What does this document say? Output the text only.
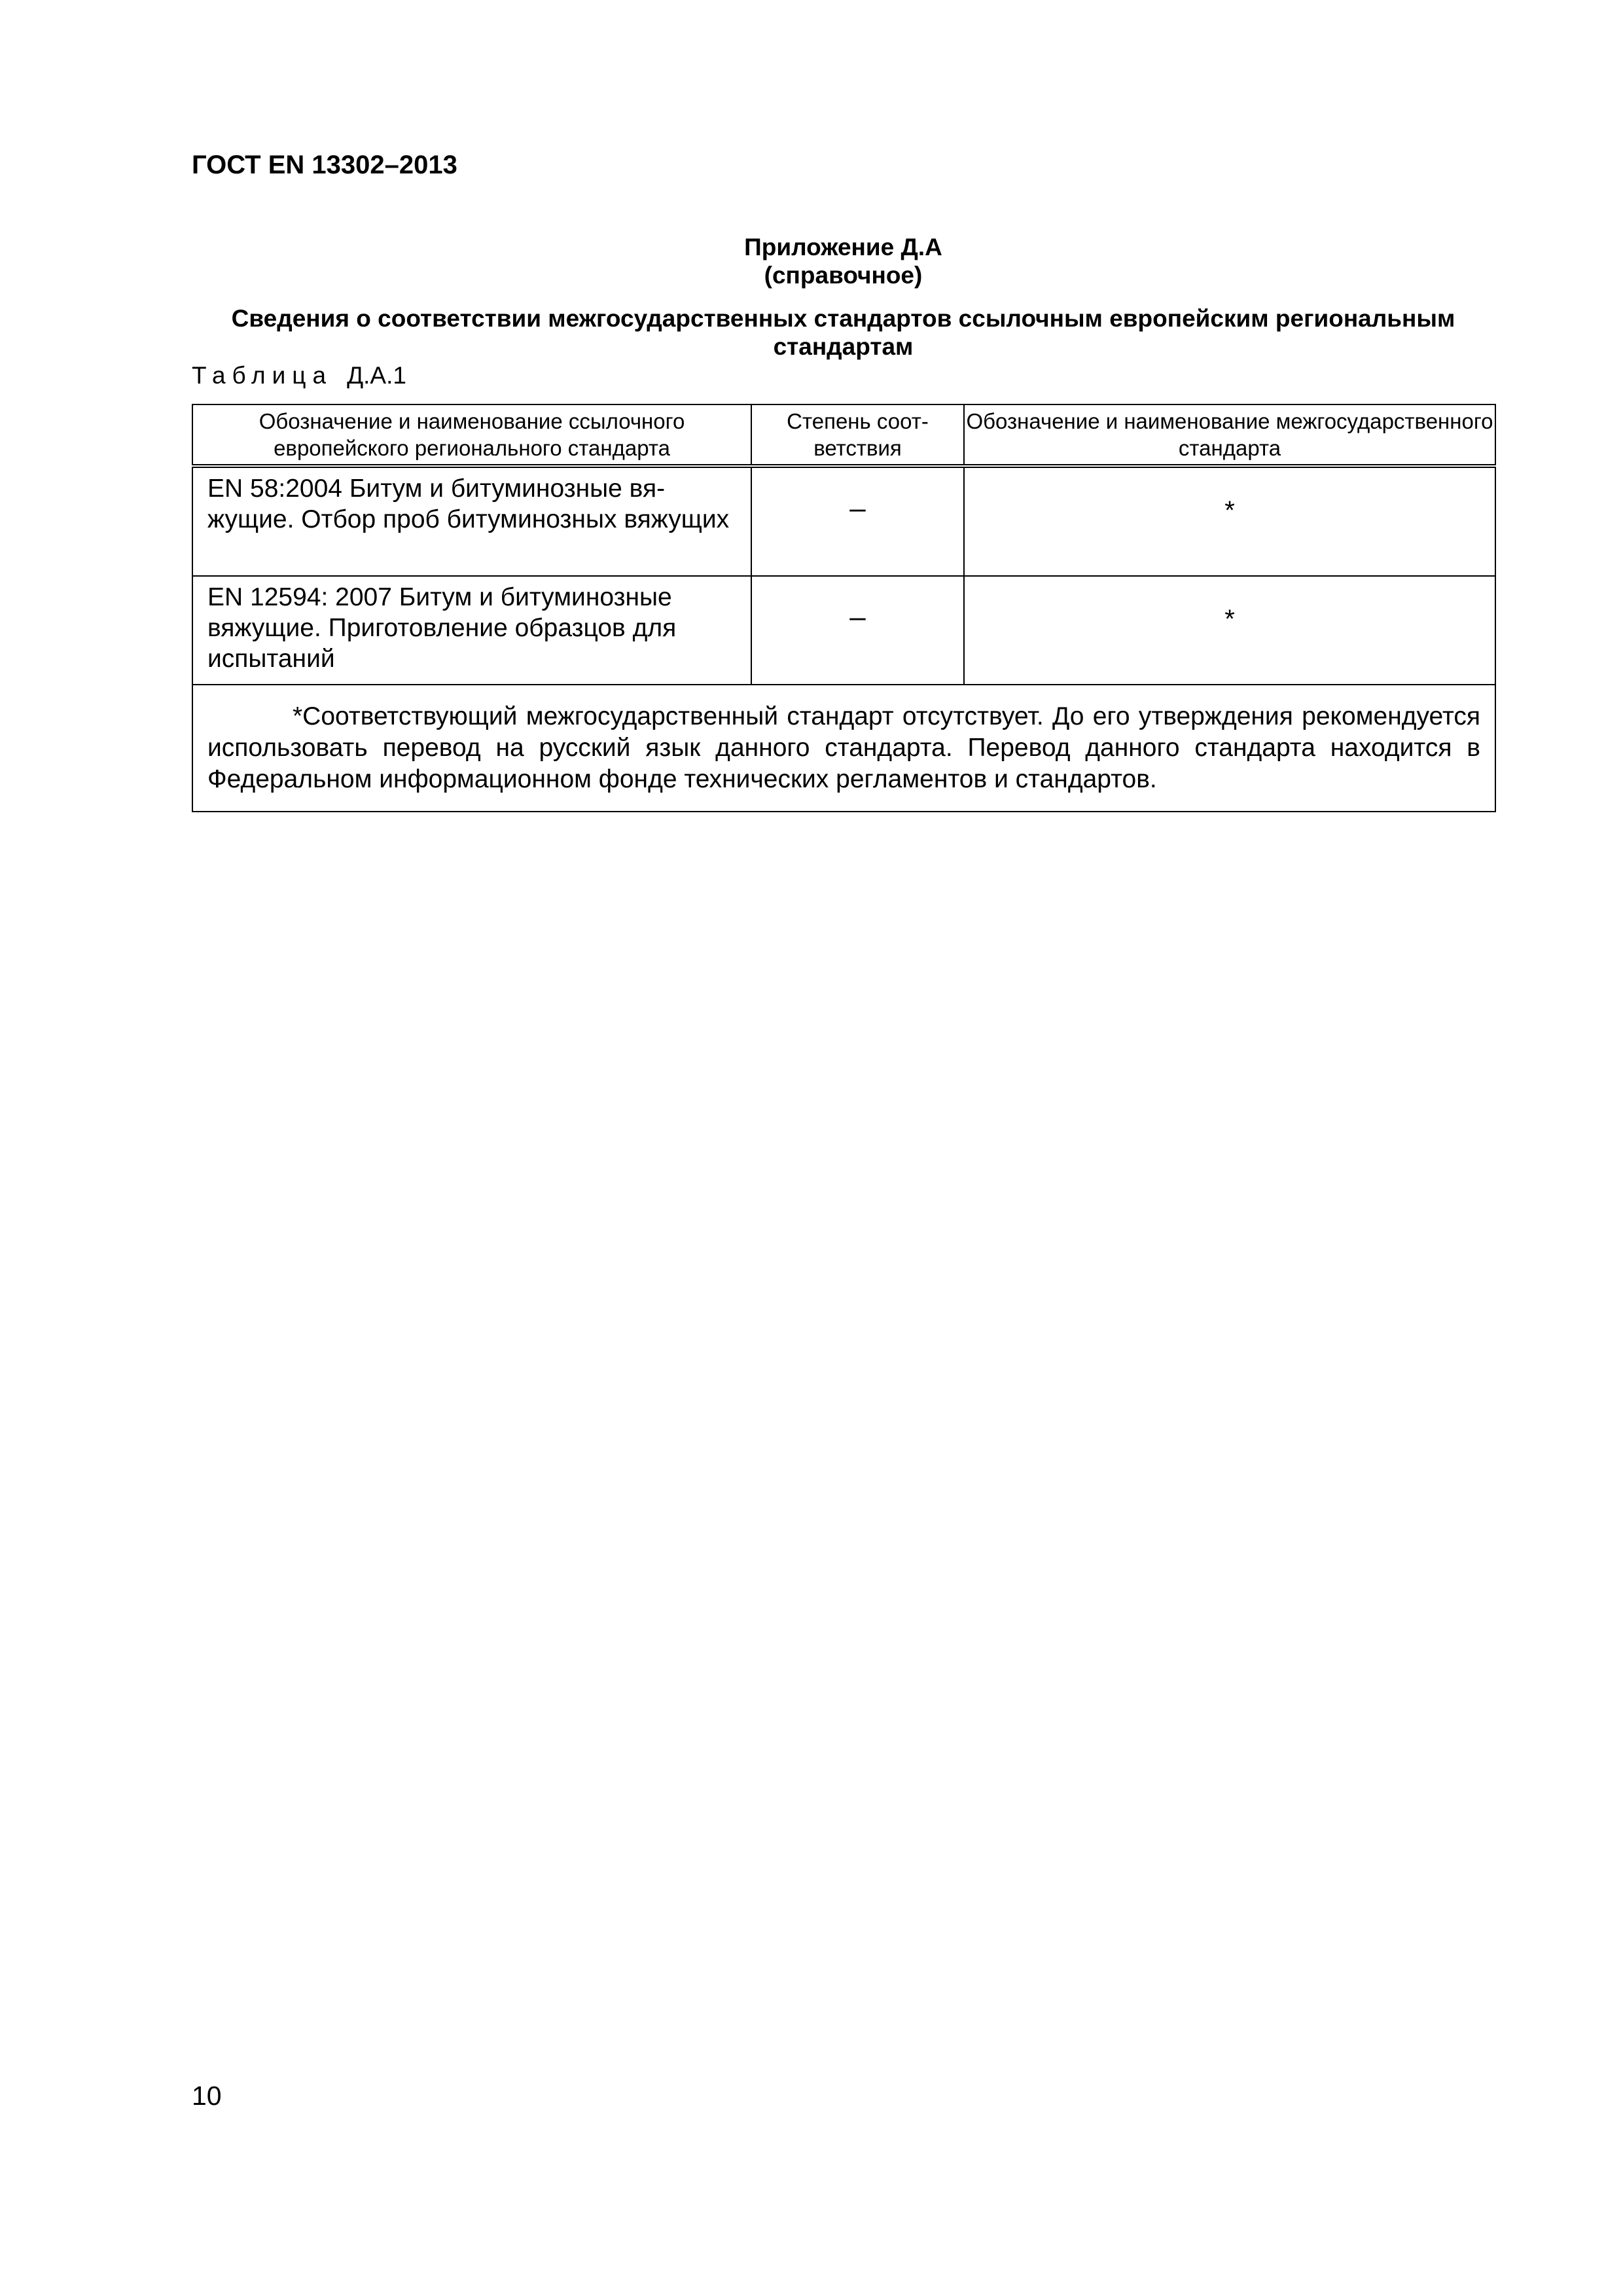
ГОСТ EN 13302–2013
Приложение Д.А
(справочное)
Сведения о соответствии межгосударственных стандартов ссылочным европейским региональным стандартам
Таблица Д.А.1
Обозначение и наименование ссылочного европейского регионального стандарта	Степень соответствия	Обозначение и наименование межгосударственного стандарта
EN 58:2004 Битум и битуминозные вяжущие. Отбор проб битуминозных вяжущих	–	*
EN 12594: 2007 Битум и битуминозные вяжущие. Приготовление образцов для испытаний	–	*
*Соответствующий межгосударственный стандарт отсутствует. До его утверждения рекомендуется использовать перевод на русский язык данного стандарта. Перевод данного стандарта находится в Федеральном информационном фонде технических регламентов и стандартов.		
10
